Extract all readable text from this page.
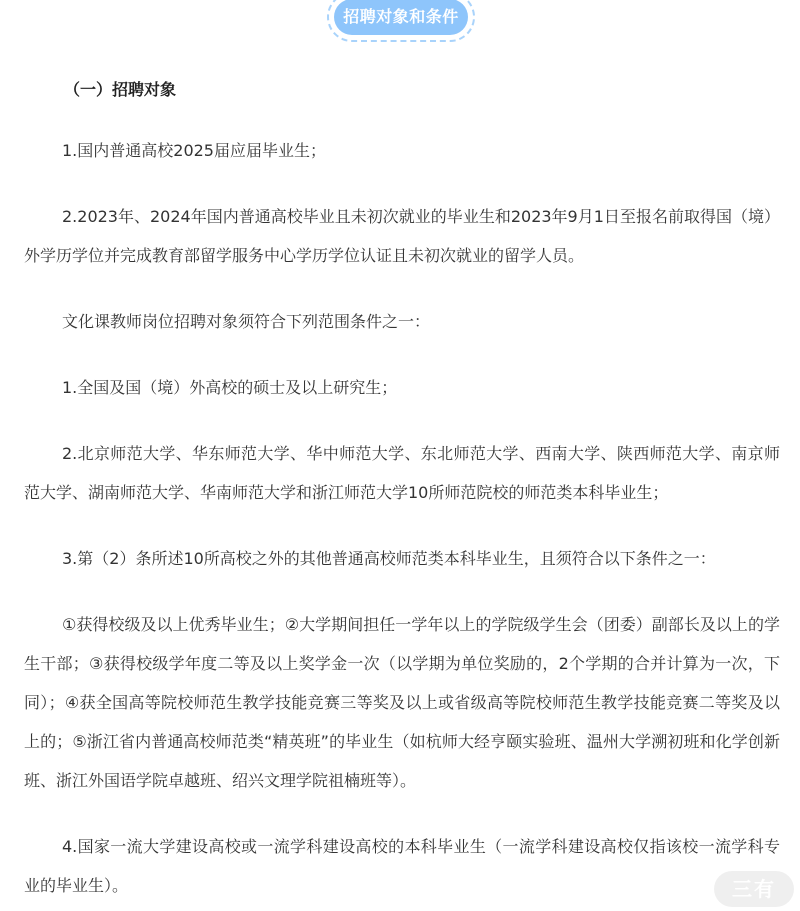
招聘对象和条件

（一）招聘对象

1.国内普通高校2025届应届毕业生；

2.2023年、2024年国内普通高校毕业且未初次就业的毕业生和2023年9月1日至报名前取得国（境）外学历学位并完成教育部留学服务中心学历学位认证且未初次就业的留学人员。

文化课教师岗位招聘对象须符合下列范围条件之一：

1.全国及国（境）外高校的硕士及以上研究生；

2.北京师范大学、华东师范大学、华中师范大学、东北师范大学、西南大学、陕西师范大学、南京师范大学、湖南师范大学、华南师范大学和浙江师范大学10所师范院校的师范类本科毕业生；

3.第（2）条所述10所高校之外的其他普通高校师范类本科毕业生，且须符合以下条件之一：

①获得校级及以上优秀毕业生；②大学期间担任一学年以上的学院级学生会（团委）副部长及以上的学生干部；③获得校级学年度二等及以上奖学金一次（以学期为单位奖励的，2个学期的合并计算为一次，下同）；④获全国高等院校师范生教学技能竞赛三等奖及以上或省级高等院校师范生教学技能竞赛二等奖及以上的；⑤浙江省内普通高校师范类“精英班”的毕业生（如杭师大经亨颐实验班、温州大学溯初班和化学创新班、浙江外国语学院卓越班、绍兴文理学院祖楠班等）。

4.国家一流大学建设高校或一流学科建设高校的本科毕业生（一流学科建设高校仅指该校一流学科专业的毕业生）。	三有
